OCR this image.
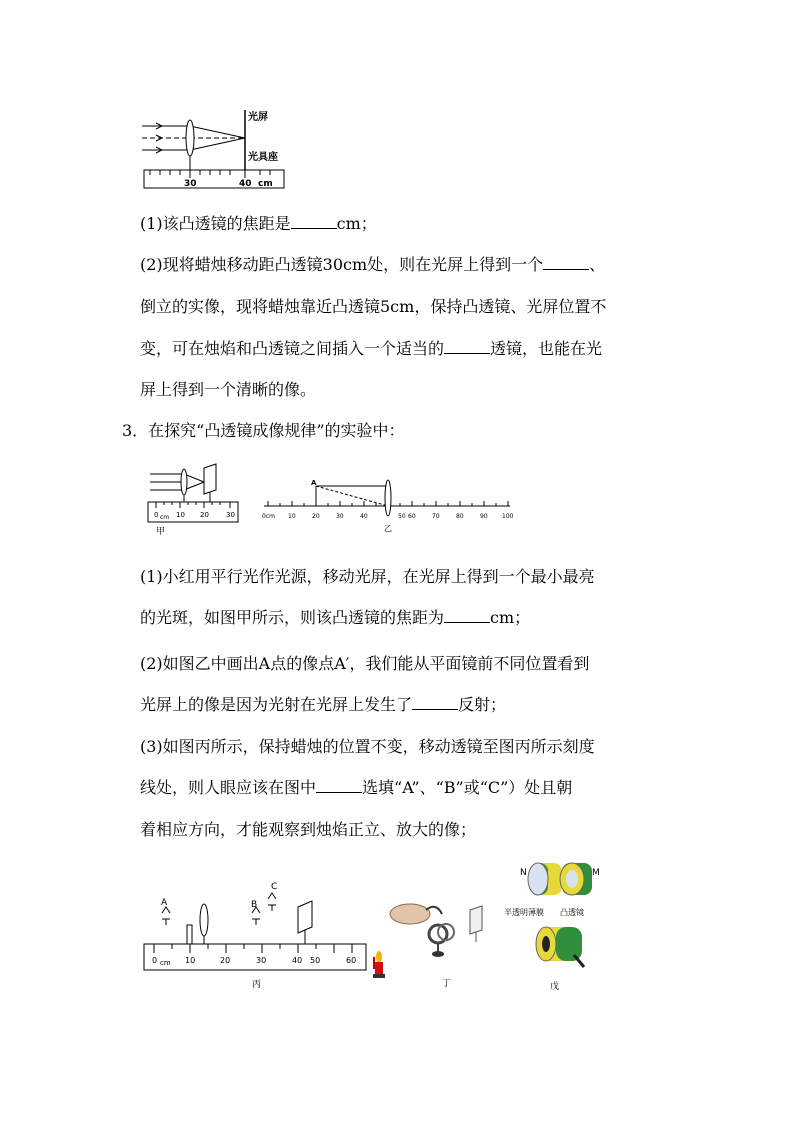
光屏
光具座
30	40 cm
(1)该凸透镜的焦距是	cm；
(2)现将蜡烛移动距凸透镜30cm处，则在光屏上得到一个	、
倒立的实像，现将蜡烛靠近凸透镜5cm，保持凸透镜、光屏位置不
变，可在烛焰和凸透镜之间插入一个适当的	透镜，也能在光
屏上得到一个清晰的像。
3．在探究“凸透镜成像规律”的实验中：
0 cm 10 20 30
甲
A
0cm 10	20	30	40	50 60	70	80	90 100
乙
(1)小红用平行光作光源，移动光屏，在光屏上得到一个最小最亮
的光斑，如图甲所示，则该凸透镜的焦距为	cm；
(2)如图乙中画出A点的像点A′，我们能从平面镜前不同位置看到
光屏上的像是因为光射在光屏上发生了	反射；
(3)如图丙所示，保持蜡烛的位置不变，移动透镜至图丙所示刻度
线处，则人眼应该在图中	选填“A”、“B”或“C”）处且朝
着相应方向，才能观察到烛焰正立、放大的像；
A	B
C
0 cm 10	20	30	40 50	60
丙	丁
N	M
半透明薄膜 凸透镜
戊
